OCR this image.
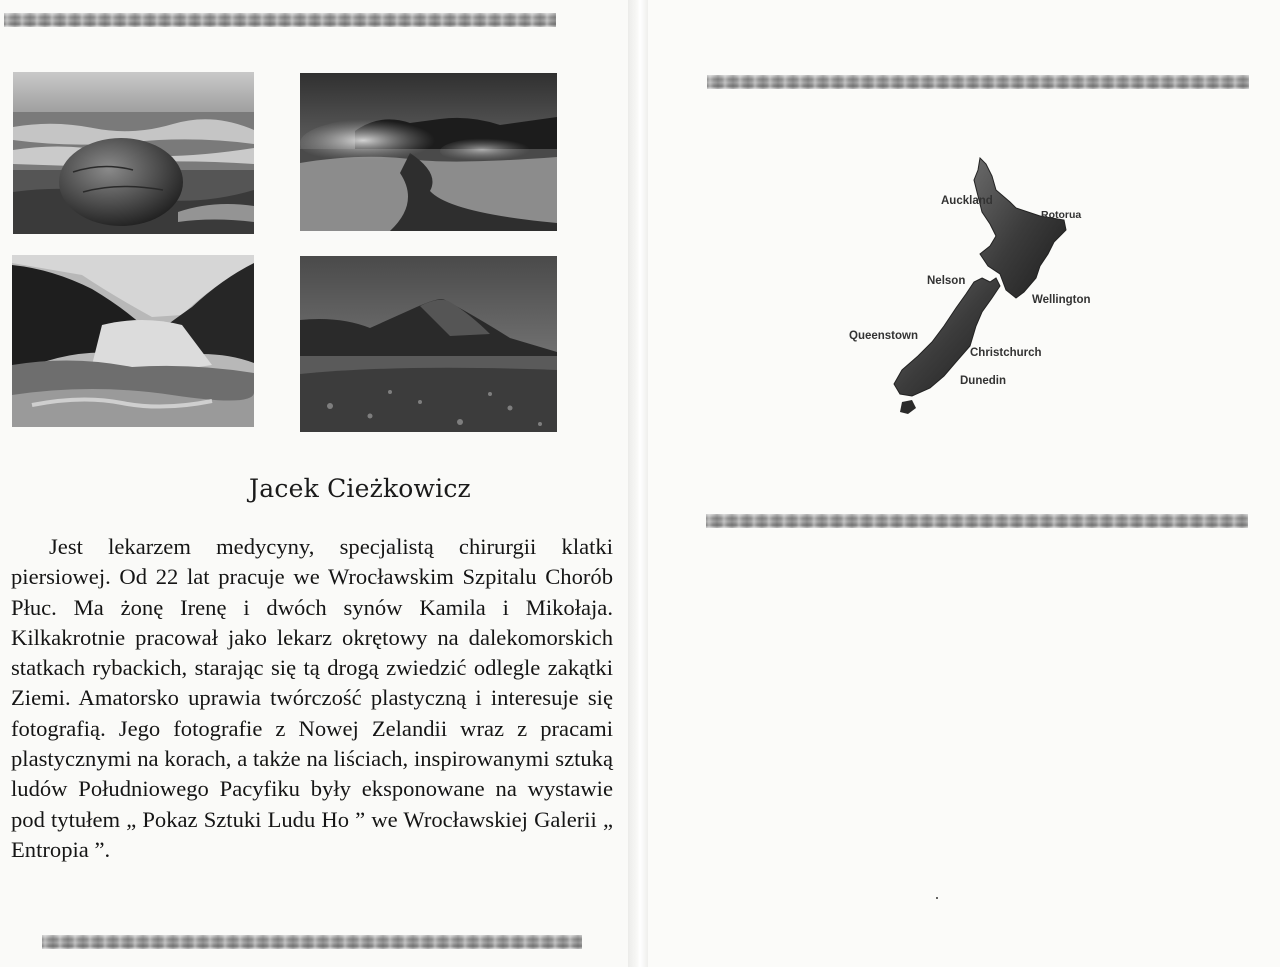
Jacek Cieżkowicz

Jest lekarzem medycyny, specjalistą chirurgii klatki piersiowej. Od 22 lat pracuje we Wrocławskim Szpitalu Chorób Płuc. Ma żonę Irenę i dwóch synów Kamila i Mikołaja. Kilkakrotnie pracował jako lekarz okrętowy na dalekomorskich statkach rybackich, starając się tą drogą zwiedzić odlegle zakątki Ziemi. Amatorsko uprawia twórczość plastyczną i interesuje się fotografią. Jego fotografie z Nowej Zelandii wraz z pracami plastycznymi na korach, a także na liściach, inspirowanymi sztuką ludów Południowego Pacyfiku były eksponowane na wystawie pod tytułem „ Pokaz Sztuki Ludu Ho ” we Wrocławskiej Galerii „ Entropia ”.

Auckland
Rotorua
Nelson
Wellington
Queenstown
Christchurch
Dunedin
